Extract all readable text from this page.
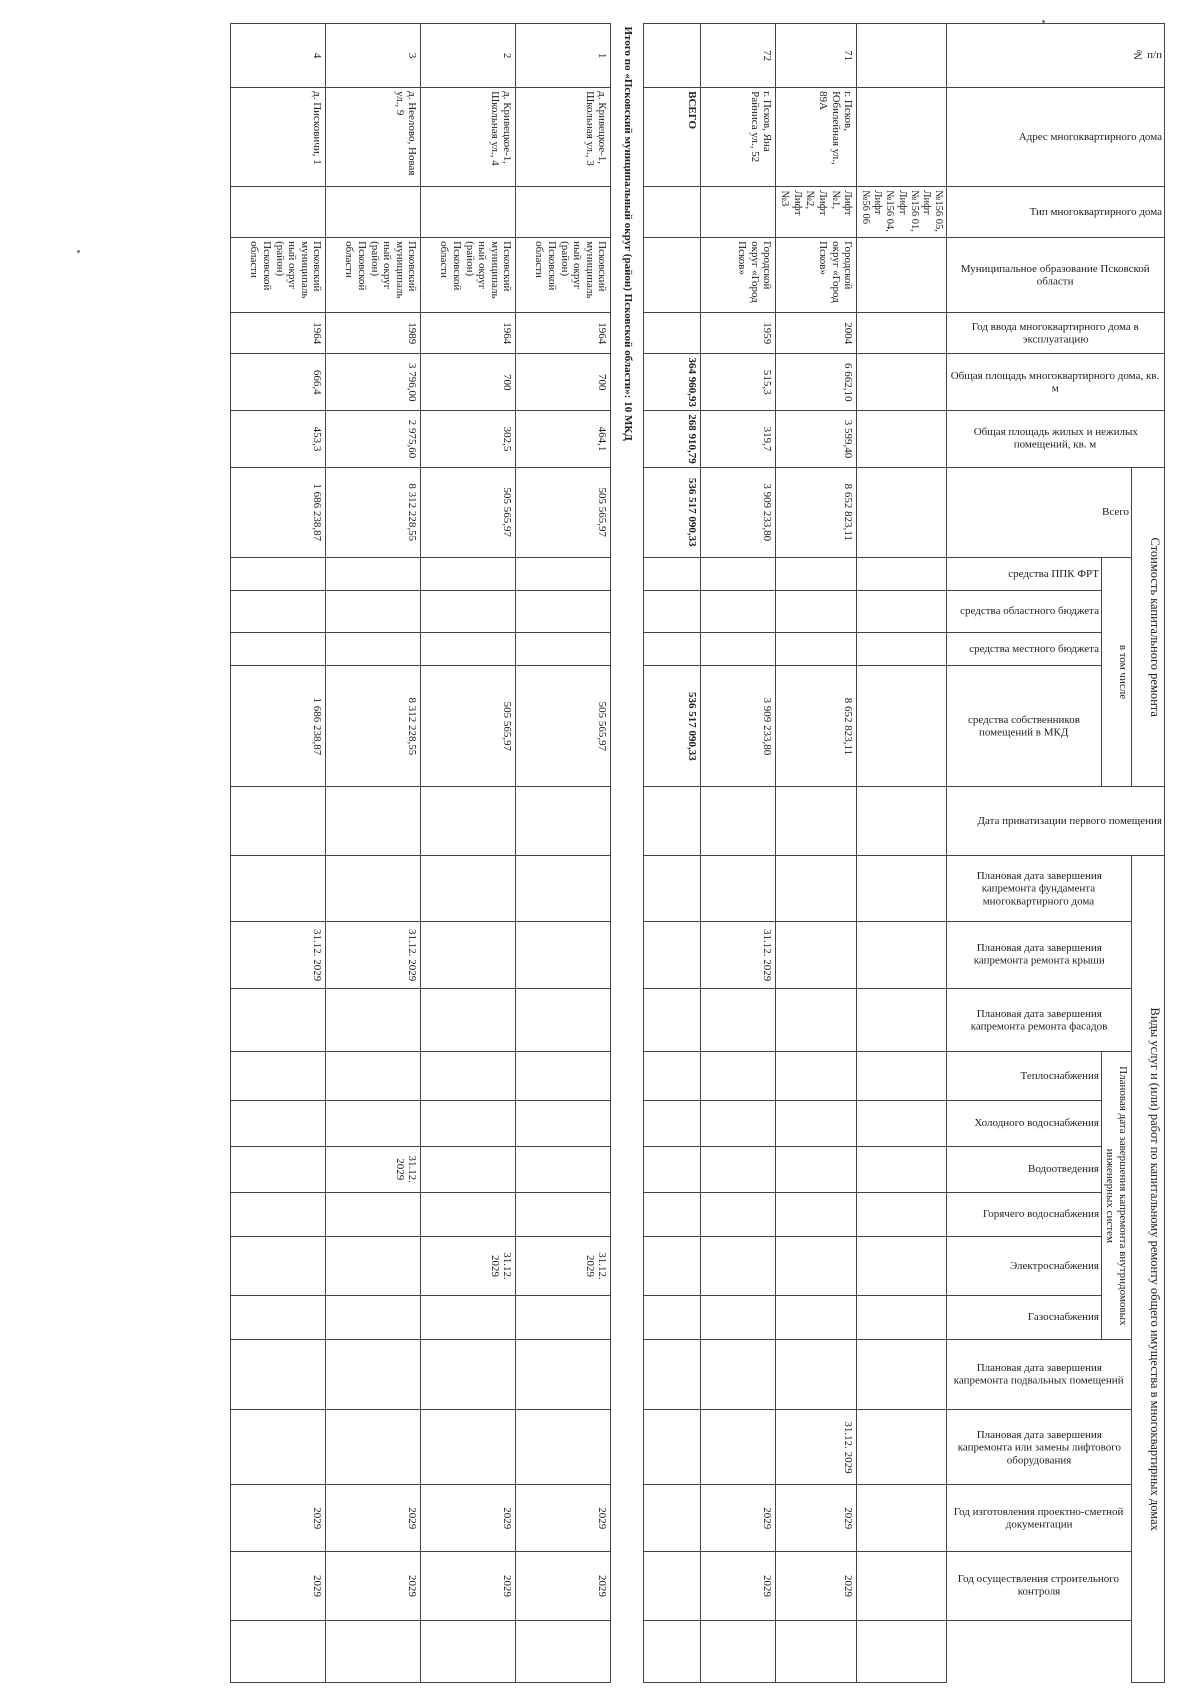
№ п/п	Адрес многоквартирного дома	Тип многоквартирного дома	Муниципальное образование Псковской области	Год ввода многоквартирного дома в эксплуатацию	Общая площадь многоквартирного дома, кв. м	Общая площадь жилых и нежилых помещений, кв. м	Стоимость капитального ремонта					Дата приватизации первого помещения	Виды услуг и (или) работ по капитальному ремонту общего имущества в многоквартирных домах													

							Всего	в том числе					Плановая дата завершения капремонта фундамента многоквартирного дома	Плановая дата завершения капремонта ремонта крыши	Плановая дата завершения капремонта ремонта фасадов	Плановая дата завершения капремонта внутридомовых инженерных систем						Плановая дата завершения капремонта подвальных помещений	Плановая дата завершения капремонта или замены лифтового оборудования	Год изготовления проектно-сметной документации	Год осуществления строительного контроля	

								средства ППК ФРТ	средства областного бюджета	средства местного бюджета	средства собственников помещений в МКД					Теплоснабжения	Холодного водоснабжения	Водоотведения	Горячего водоснабжения	Электроснабжения	Газоснабжения					

		№156 05, Лифт №156 01, Лифт №156 04, Лифт №56 06																								
71	г. Псков, Юбилейная ул., 89А	Лифт №1, Лифт №2, Лифт №3	Городской округ «Город Псков»	2004	6 662,10	3 599,40	8 652 823,11				8 652 823,11												31.12. 2029	2029	2029	
72	г. Псков, Яна Райниса ул., 52		Городской округ «Город Псков»	1959	515,3	319,7	3 909 233,80				3 909 233,80			31.12. 2029										2029	2029	
	ВСЕГО				364 960,93	268 910,79	536 517 090,33				536 517 090,33															
Итого по «Псковский муниципальный округ (район) Псковской области»: 10 МКД																										
1	д. Кривецкое-1, Школьная ул., 3		Псковский муниципаль ный округ (район) Псковской области	1964	700	464,1	505 565,97				505 565,97									31.12. 2029				2029	2029	
2	д. Кривецкое-1, Школьная ул., 4		Псковский муниципаль ный округ (район) Псковской области	1964	700	302,5	505 565,97				505 565,97									31.12. 2029				2029	2029	
3	д. Неелово, Новая ул., 9		Псковский муниципаль ный округ (район) Псковской области	1989	3 796,00	2 975,60	8 312 228,55				8 312 228,55			31.12. 2029				31.12. 2029						2029	2029	
4	д. Писковичи, 1		Псковский муниципаль ный округ (район) Псковской области	1964	666,4	453,3	1 686 238,87				1 686 238,87			31.12. 2029										2029	2029	
